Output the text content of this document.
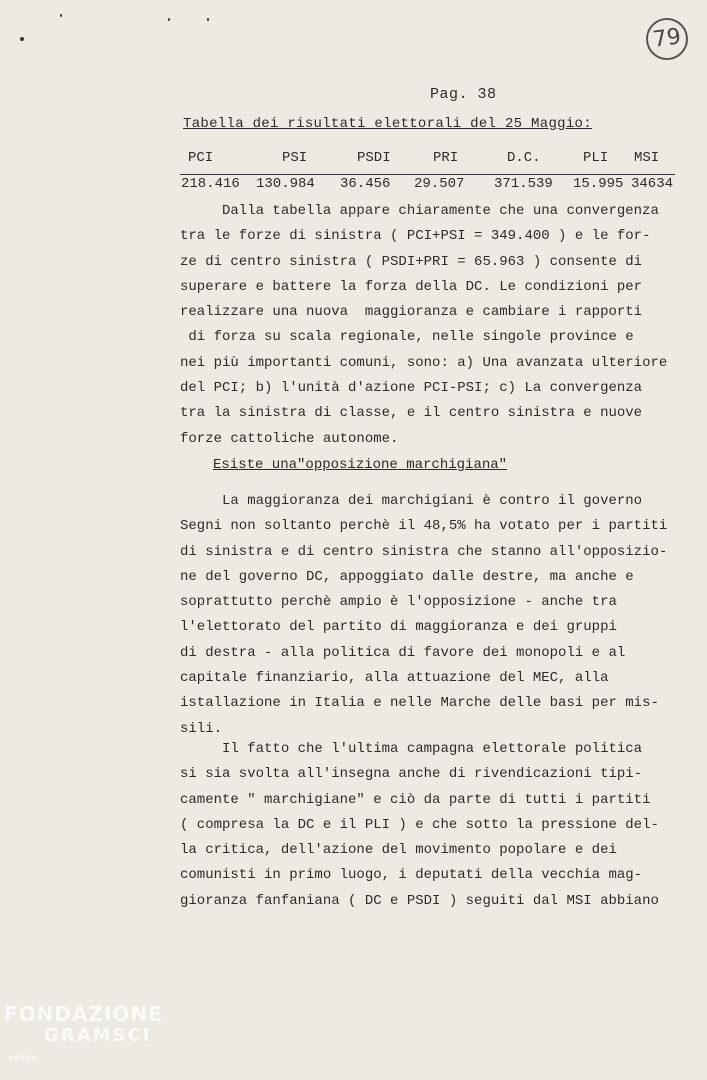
79
Pag. 38
Tabella dei risultati elettorali del 25 Maggio:
PCI	PSI	PSDI	PRI	D.C.	PLI MSI
218.416 130.984 36.456 29.507 371.539 15.995 34634
Dalla tabella appare chiaramente che una convergenza
tra le forze di sinistra ( PCI+PSI = 349.400 ) e le for-
ze di centro sinistra ( PSDI+PRI = 65.963 ) consente di
superare e battere la forza della DC. Le condizioni per
realizzare una nuova  maggioranza e cambiare i rapporti
di forza su scala regionale, nelle singole province e
nei più importanti comuni, sono: a) Una avanzata ulteriore
del PCI; b) l'unità d'azione PCI-PSI; c) La convergenza
tra la sinistra di classe, e il centro sinistra e nuove
forze cattoliche autonome.
Esiste una"opposizione marchigiana"
La maggioranza dei marchigiani è contro il governo
Segni non soltanto perchè il 48,5% ha votato per i partiti
di sinistra e di centro sinistra che stanno all'opposizio-
ne del governo DC, appoggiato dalle destre, ma anche e
soprattutto perchè ampio è l'opposizione - anche tra
l'elettorato del partito di maggioranza e dei gruppi
di destra - alla politica di favore dei monopoli e al
capitale finanziario, alla attuazione del MEC, alla
istallazione in Italia e nelle Marche delle basi per mis-
sili.
Il fatto che l'ultima campagna elettorale politica
si sia svolta all'insegna anche di rivendicazioni tipi-
camente " marchigiane" e ciò da parte di tutti i partiti
( compresa la DC e il PLI ) e che sotto la pressione del-
la critica, dell'azione del movimento popolare e dei
comunisti in primo luogo, i deputati della vecchia mag-
gioranza fanfaniana ( DC e PSDI ) seguiti dal MSI abbiano
FONDAZIONE
GRAMSCI
onlus
